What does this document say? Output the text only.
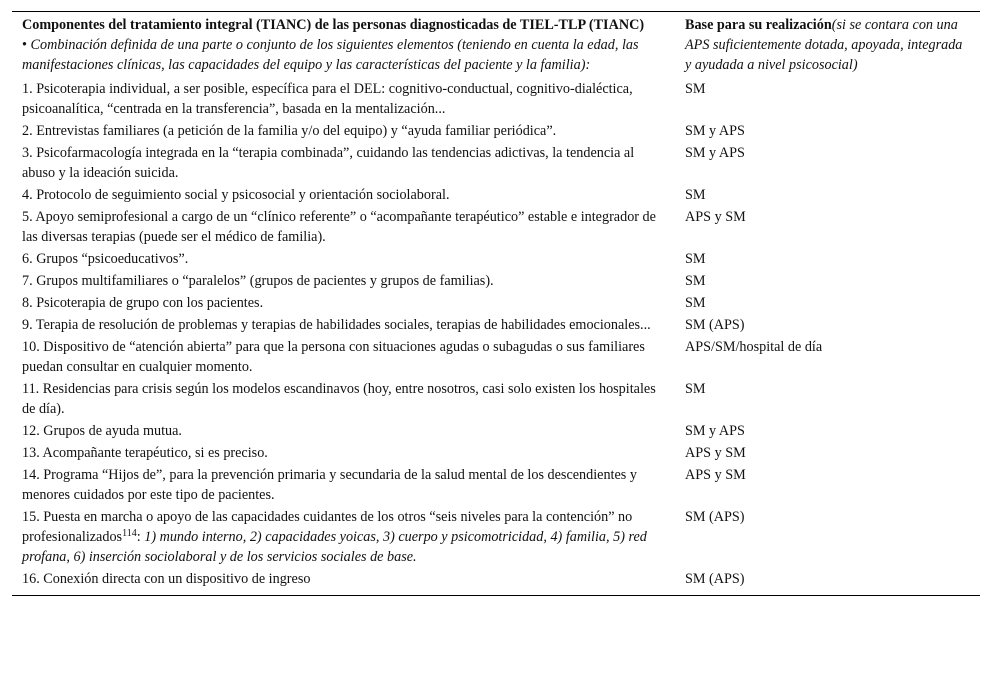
Componentes del tratamiento integral (TIANC) de las personas diagnosticadas de TIEL-TLP (TIANC)
• Combinación definida de una parte o conjunto de los siguientes elementos (teniendo en cuenta la edad, las manifestaciones clínicas, las capacidades del equipo y las características del paciente y la familia):	Base para su realización(si se contara con una APS suficientemente dotada, apoyada, integrada y ayudada a nivel psicosocial)
1. Psicoterapia individual, a ser posible, específica para el DEL: cognitivo-conductual, cognitivo-dialéctica, psicoanalítica, “centrada en la transferencia”, basada en la mentalización...	SM
2. Entrevistas familiares (a petición de la familia y/o del equipo) y “ayuda familiar periódica”.	SM y APS
3. Psicofarmacología integrada en la “terapia combinada”, cuidando las tendencias adictivas, la tendencia al abuso y la ideación suicida.	SM y APS
4. Protocolo de seguimiento social y psicosocial y orientación sociolaboral.	SM
5. Apoyo semiprofesional a cargo de un “clínico referente” o “acompañante terapéutico” estable e integrador de las diversas terapias (puede ser el médico de familia).	APS y SM
6. Grupos “psicoeducativos”.	SM
7. Grupos multifamiliares o “paralelos” (grupos de pacientes y grupos de familias).	SM
8. Psicoterapia de grupo con los pacientes.	SM
9. Terapia de resolución de problemas y terapias de habilidades sociales, terapias de habilidades emocionales...	SM (APS)
10. Dispositivo de “atención abierta” para que la persona con situaciones agudas o subagudas o sus familiares puedan consultar en cualquier momento.	APS/SM/hospital de día
11. Residencias para crisis según los modelos escandinavos (hoy, entre nosotros, casi solo existen los hospitales de día).	SM
12. Grupos de ayuda mutua.	SM y APS
13. Acompañante terapéutico, si es preciso.	APS y SM
14. Programa “Hijos de”, para la prevención primaria y secundaria de la salud mental de los descendientes y menores cuidados por este tipo de pacientes.	APS y SM
15. Puesta en marcha o apoyo de las capacidades cuidantes de los otros “seis niveles para la contención” no profesionalizados$^{114}$: 1) mundo interno, 2) capacidades yoicas, 3) cuerpo y psicomotricidad, 4) familia, 5) red profana, 6) inserción sociolaboral y de los servicios sociales de base.	SM (APS)
16. Conexión directa con un dispositivo de ingreso	SM (APS)
